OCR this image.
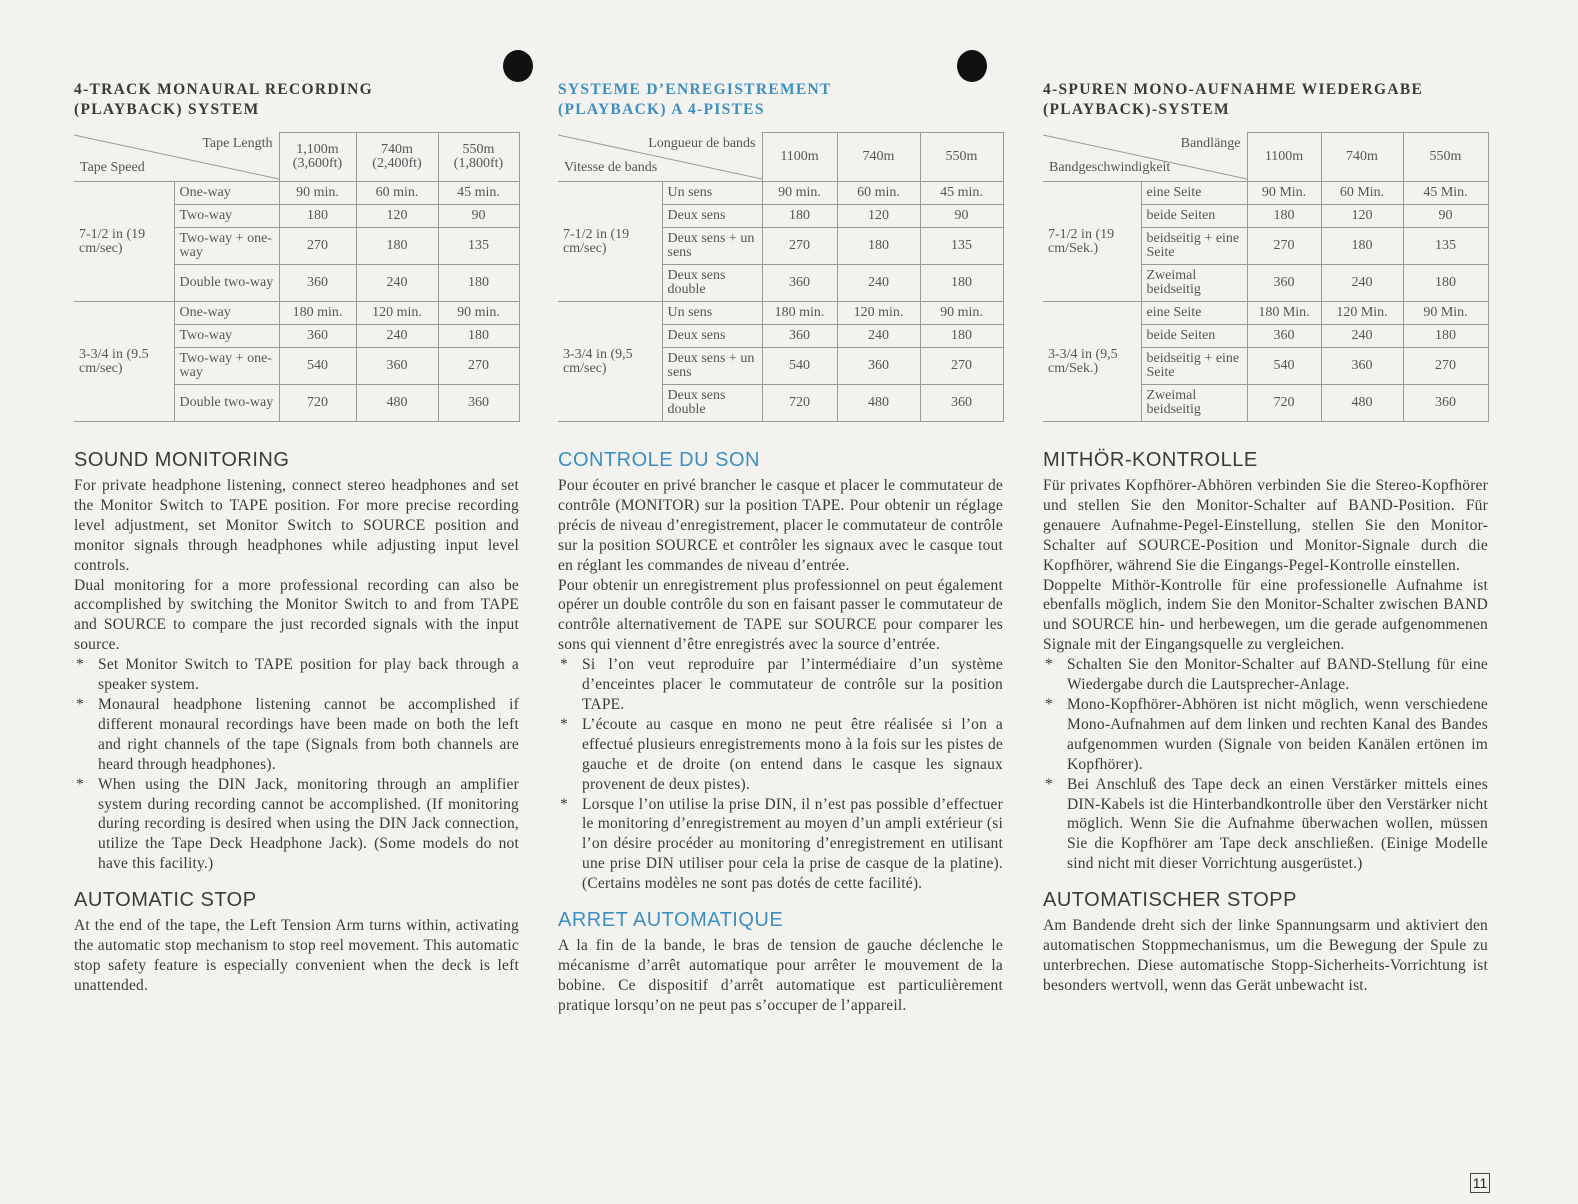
4-TRACK MONAURAL RECORDING
(PLAYBACK) SYSTEM
Tape Length
Tape Speed		1,100m (3,600ft)	740m (2,400ft)	550m (1,800ft)
7-1/2 in (19 cm/sec)	One-way	90 min.	60 min.	45 min.
	Two-way	180	120	90
	Two-way + one-way	270	180	135
	Double two-way	360	240	180
3-3/4 in (9.5 cm/sec)	One-way	180 min.	120 min.	90 min.
	Two-way	360	240	180
	Two-way + one-way	540	360	270
	Double two-way	720	480	360
SOUND MONITORING

For private headphone listening, connect stereo headphones and set the Monitor Switch to TAPE position. For more precise recording level adjustment, set Monitor Switch to SOURCE position and monitor signals through headphones while adjusting input level controls.

Dual monitoring for a more professional recording can also be accomplished by switching the Monitor Switch to and from TAPE and SOURCE to compare the just recorded signals with the input source.

* Set Monitor Switch to TAPE position for play back through a speaker system.
* Monaural headphone listening cannot be accomplished if different monaural recordings have been made on both the left and right channels of the tape (Signals from both channels are heard through headphones).
* When using the DIN Jack, monitoring through an amplifier system during recording cannot be accomplished. (If monitoring during recording is desired when using the DIN Jack connection, utilize the Tape Deck Headphone Jack). (Some models do not have this facility.)
AUTOMATIC STOP

At the end of the tape, the Left Tension Arm turns within, activating the automatic stop mechanism to stop reel movement. This automatic stop safety feature is especially convenient when the deck is left unattended.

SYSTEME D’ENREGISTREMENT
(PLAYBACK) A 4-PISTES
Longueur de bands
Vitesse de bands		1100m	740m	550m
7-1/2 in (19 cm/sec)	Un sens	90 min.	60 min.	45 min.
	Deux sens	180	120	90
	Deux sens + un sens	270	180	135
	Deux sens double	360	240	180
3-3/4 in (9,5 cm/sec)	Un sens	180 min.	120 min.	90 min.
	Deux sens	360	240	180
	Deux sens + un sens	540	360	270
	Deux sens double	720	480	360
CONTROLE DU SON

Pour écouter en privé brancher le casque et placer le commutateur de contrôle (MONITOR) sur la position TAPE. Pour obtenir un réglage précis de niveau d’enregistrement, placer le commutateur de contrôle sur la position SOURCE et contrôler les signaux avec le casque tout en réglant les commandes de niveau d’entrée.

Pour obtenir un enregistrement plus professionnel on peut également opérer un double contrôle du son en faisant passer le commutateur de contrôle alternativement de TAPE sur SOURCE pour comparer les sons qui viennent d’être enregistrés avec la source d’entrée.

* Si l’on veut reproduire par l’intermédiaire d’un système d’enceintes placer le commutateur de contrôle sur la position TAPE.
* L’écoute au casque en mono ne peut être réalisée si l’on a effectué plusieurs enregistrements mono à la fois sur les pistes de gauche et de droite (on entend dans le casque les signaux provenent de deux pistes).
* Lorsque l’on utilise la prise DIN, il n’est pas possible d’effectuer le monitoring d’enregistrement au moyen d’un ampli extérieur (si l’on désire procéder au monitoring d’enregistrement en utilisant une prise DIN utiliser pour cela la prise de casque de la platine). (Certains modèles ne sont pas dotés de cette facilité).
ARRET AUTOMATIQUE

A la fin de la bande, le bras de tension de gauche déclenche le mécanisme d’arrêt automatique pour arrêter le mouvement de la bobine. Ce dispositif d’arrêt automatique est particulièrement pratique lorsqu’on ne peut pas s’occuper de l’appareil.

4-SPUREN MONO-AUFNAHME WIEDERGABE
(PLAYBACK)-SYSTEM
Bandlänge
Bandgeschwindigkeit		1100m	740m	550m
7-1/2 in (19 cm/Sek.)	eine Seite	90 Min.	60 Min.	45 Min.
	beide Seiten	180	120	90
	beidseitig + eine Seite	270	180	135
	Zweimal beidseitig	360	240	180
3-3/4 in (9,5 cm/Sek.)	eine Seite	180 Min.	120 Min.	90 Min.
	beide Seiten	360	240	180
	beidseitig + eine Seite	540	360	270
	Zweimal beidseitig	720	480	360
MITHÖR-KONTROLLE

Für privates Kopfhörer-Abhören verbinden Sie die Stereo-Kopfhörer und stellen Sie den Monitor-Schalter auf BAND-Position. Für genauere Aufnahme-Pegel-Einstellung, stellen Sie den Monitor-Schalter auf SOURCE-Position und Monitor-Signale durch die Kopfhörer, während Sie die Eingangs-Pegel-Kontrolle einstellen.

Doppelte Mithör-Kontrolle für eine professionelle Aufnahme ist ebenfalls möglich, indem Sie den Monitor-Schalter zwischen BAND und SOURCE hin- und herbewegen, um die gerade aufgenommenen Signale mit der Eingangsquelle zu vergleichen.

* Schalten Sie den Monitor-Schalter auf BAND-Stellung für eine Wiedergabe durch die Lautsprecher-Anlage.
* Mono-Kopfhörer-Abhören ist nicht möglich, wenn verschiedene Mono-Aufnahmen auf dem linken und rechten Kanal des Bandes aufgenommen wurden (Signale von beiden Kanälen ertönen im Kopfhörer).
* Bei Anschluß des Tape deck an einen Verstärker mittels eines DIN-Kabels ist die Hinterbandkontrolle über den Verstärker nicht möglich. Wenn Sie die Aufnahme überwachen wollen, müssen Sie die Kopfhörer am Tape deck anschließen. (Einige Modelle sind nicht mit dieser Vorrichtung ausgerüstet.)
AUTOMATISCHER STOPP

Am Bandende dreht sich der linke Spannungsarm und aktiviert den automatischen Stoppmechanismus, um die Bewegung der Spule zu unterbrechen. Diese automatische Stopp-Sicherheits-Vorrichtung ist besonders wertvoll, wenn das Gerät unbewacht ist.

11
